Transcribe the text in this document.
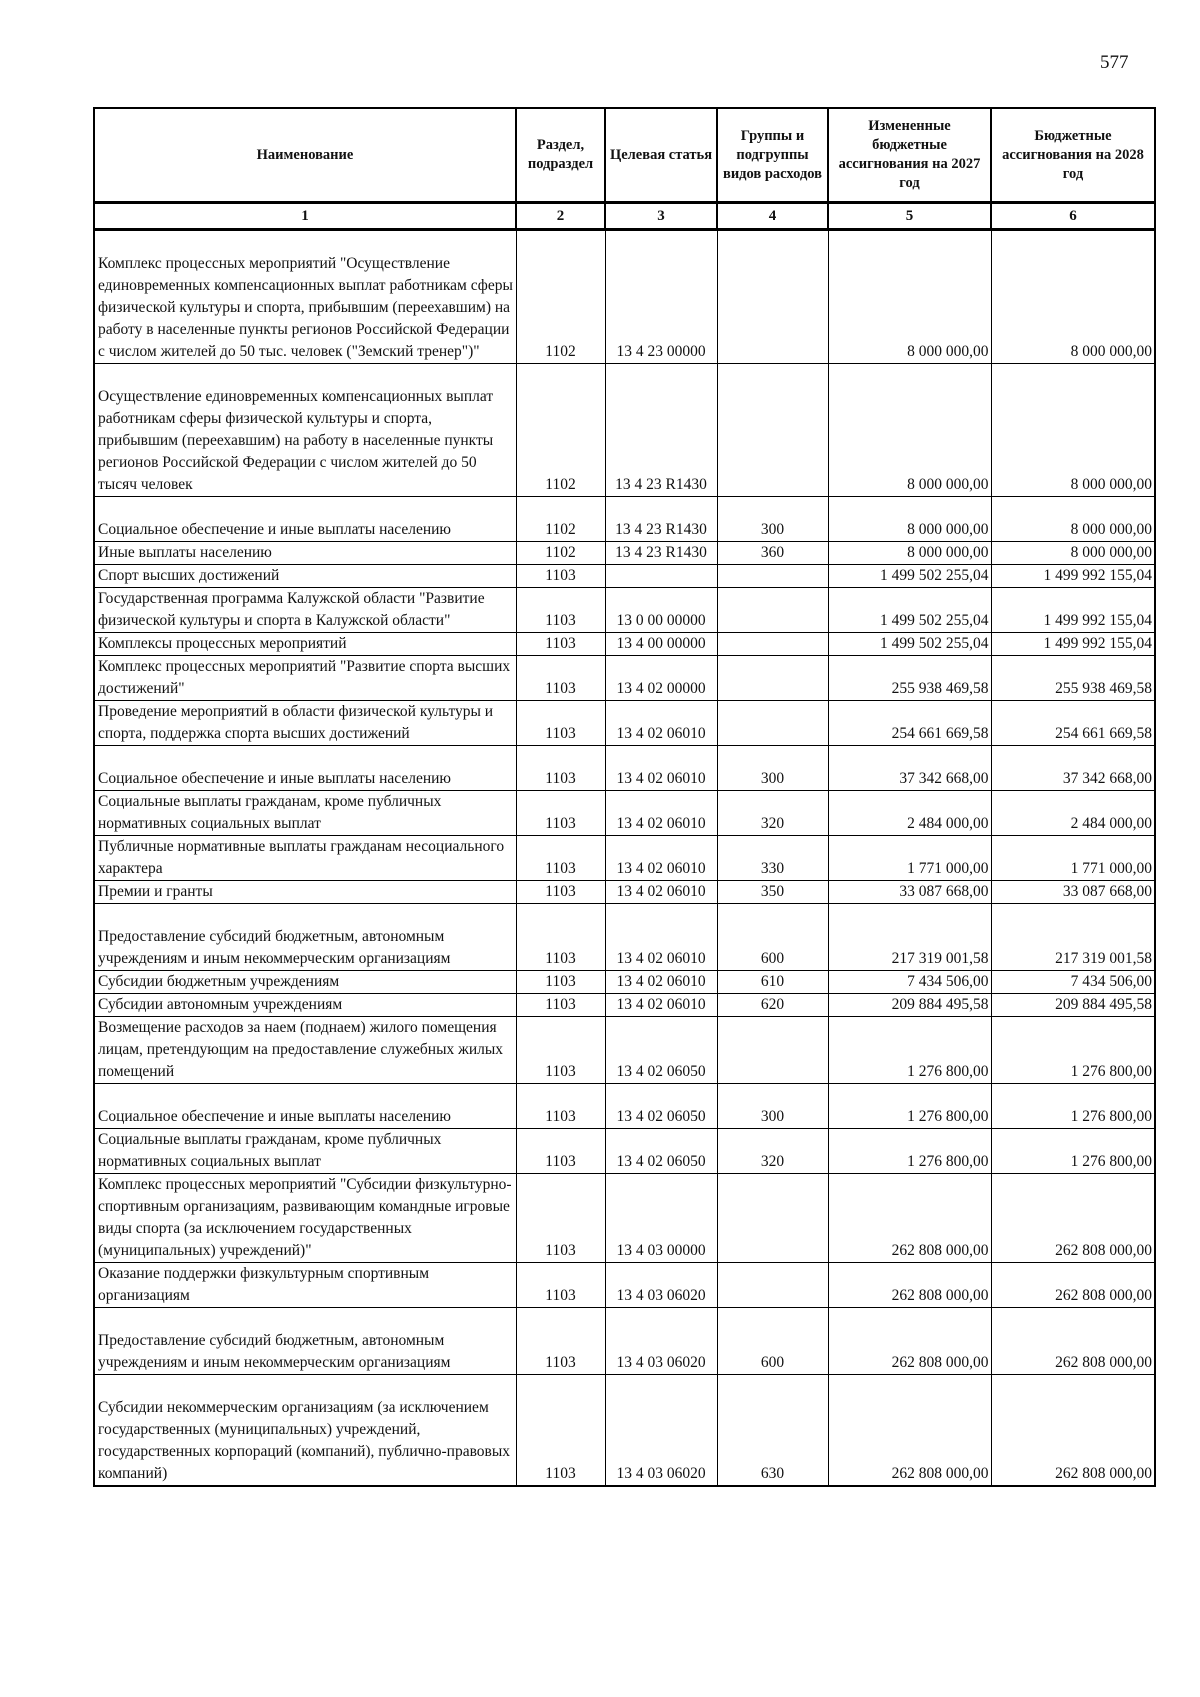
577
Наименование	Раздел, подраздел	Целевая статья	Группы и подгруппы видов расходов	Измененные бюджетные ассигнования на 2027 год	Бюджетные ассигнования на 2028 год
1	2	3	4	5	6

Комплекс процессных мероприятий "Осуществление единовременных компенсационных выплат работникам сферы физической культуры и спорта, прибывшим (переехавшим) на работу в населенные пункты регионов Российской Федерации с числом жителей до 50 тыс. человек ("Земский тренер")"	1102	13 4 23 00000		8 000 000,00	8 000 000,00

Осуществление единовременных компенсационных выплат работникам сферы физической культуры и спорта, прибывшим (переехавшим) на работу в населенные пункты регионов Российской Федерации с числом жителей до 50 тысяч человек	1102	13 4 23 R1430		8 000 000,00	8 000 000,00

Социальное обеспечение и иные выплаты населению	1102	13 4 23 R1430	300	8 000 000,00	8 000 000,00
Иные выплаты населению	1102	13 4 23 R1430	360	8 000 000,00	8 000 000,00
Спорт высших достижений	1103			1 499 502 255,04	1 499 992 155,04
Государственная программа Калужской области "Развитие физической культуры и спорта в Калужской области"	1103	13 0 00 00000		1 499 502 255,04	1 499 992 155,04
Комплексы процессных мероприятий	1103	13 4 00 00000		1 499 502 255,04	1 499 992 155,04
Комплекс процессных мероприятий "Развитие спорта высших достижений"	1103	13 4 02 00000		255 938 469,58	255 938 469,58
Проведение мероприятий в области физической культуры и спорта, поддержка спорта высших достижений	1103	13 4 02 06010		254 661 669,58	254 661 669,58

Социальное обеспечение и иные выплаты населению	1103	13 4 02 06010	300	37 342 668,00	37 342 668,00
Социальные выплаты гражданам, кроме публичных нормативных социальных выплат	1103	13 4 02 06010	320	2 484 000,00	2 484 000,00
Публичные нормативные выплаты гражданам несоциального характера	1103	13 4 02 06010	330	1 771 000,00	1 771 000,00
Премии и гранты	1103	13 4 02 06010	350	33 087 668,00	33 087 668,00

Предоставление субсидий бюджетным, автономным учреждениям и иным некоммерческим организациям	1103	13 4 02 06010	600	217 319 001,58	217 319 001,58
Субсидии бюджетным учреждениям	1103	13 4 02 06010	610	7 434 506,00	7 434 506,00
Субсидии автономным учреждениям	1103	13 4 02 06010	620	209 884 495,58	209 884 495,58
Возмещение расходов за наем (поднаем) жилого помещения лицам, претендующим на предоставление служебных жилых помещений	1103	13 4 02 06050		1 276 800,00	1 276 800,00

Социальное обеспечение и иные выплаты населению	1103	13 4 02 06050	300	1 276 800,00	1 276 800,00
Социальные выплаты гражданам, кроме публичных нормативных социальных выплат	1103	13 4 02 06050	320	1 276 800,00	1 276 800,00
Комплекс процессных мероприятий "Субсидии физкультурно-спортивным организациям, развивающим командные игровые виды спорта (за исключением государственных (муниципальных) учреждений)"	1103	13 4 03 00000		262 808 000,00	262 808 000,00
Оказание поддержки физкультурным спортивным организациям	1103	13 4 03 06020		262 808 000,00	262 808 000,00

Предоставление субсидий бюджетным, автономным учреждениям и иным некоммерческим организациям	1103	13 4 03 06020	600	262 808 000,00	262 808 000,00

Субсидии некоммерческим организациям (за исключением государственных (муниципальных) учреждений, государственных корпораций (компаний), публично-правовых компаний)	1103	13 4 03 06020	630	262 808 000,00	262 808 000,00
